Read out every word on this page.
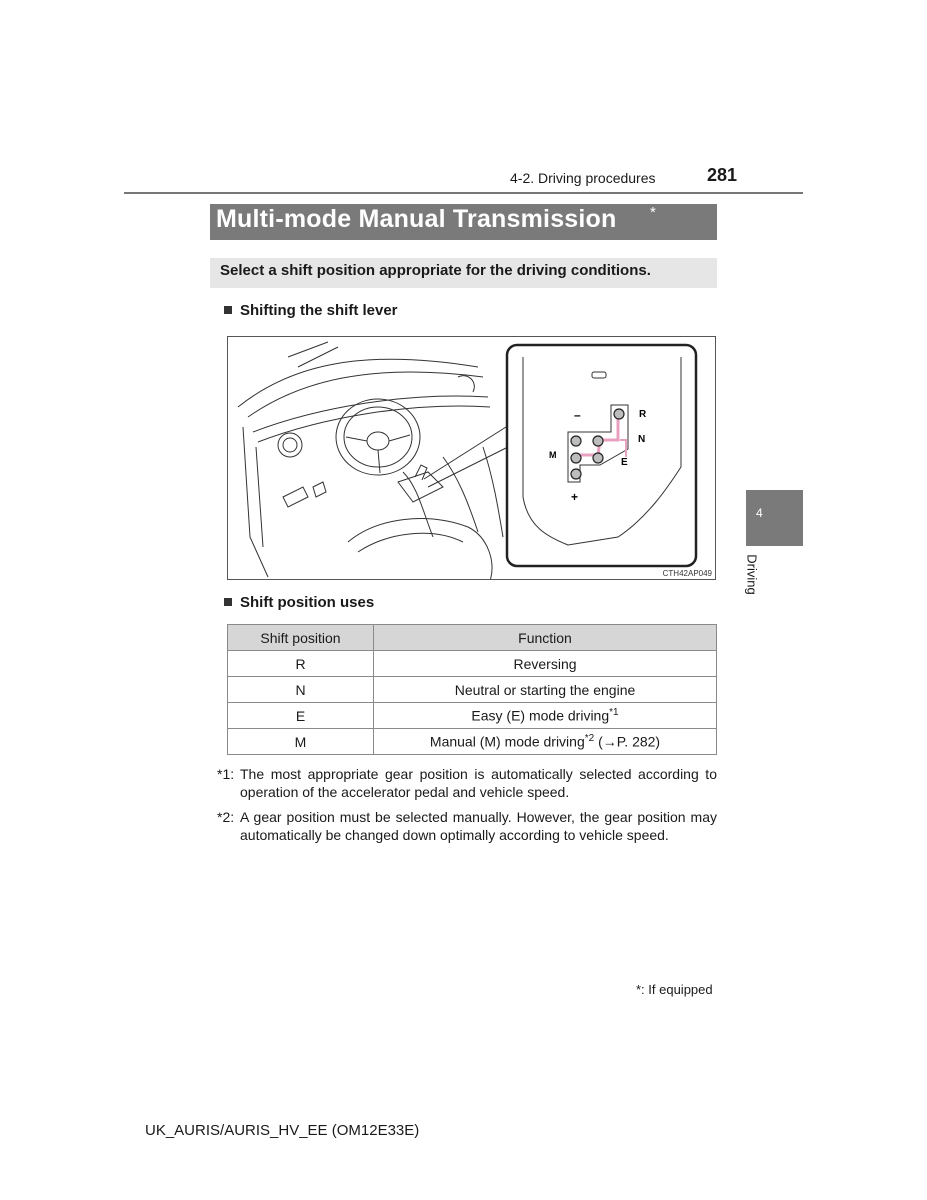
4-2. Driving procedures	281
Multi-mode Manual Transmission *
Select a shift position appropriate for the driving conditions.
Shifting the shift lever
–	R
N
M
E
+
CTH42AP049
Shift position uses
Shift position	Function
R	Reversing
N	Neutral or starting the engine
E	Easy (E) mode driving$^{*1}$
M	Manual (M) mode driving$^{*2}$ (→P. 282)
*1: The most appropriate gear position is automatically selected according to operation of the accelerator pedal and vehicle speed.
*2: A gear position must be selected manually. However, the gear position may automatically be changed down optimally according to vehicle speed.
*: If equipped
UK_AURIS/AURIS_HV_EE (OM12E33E)
4
Driving
